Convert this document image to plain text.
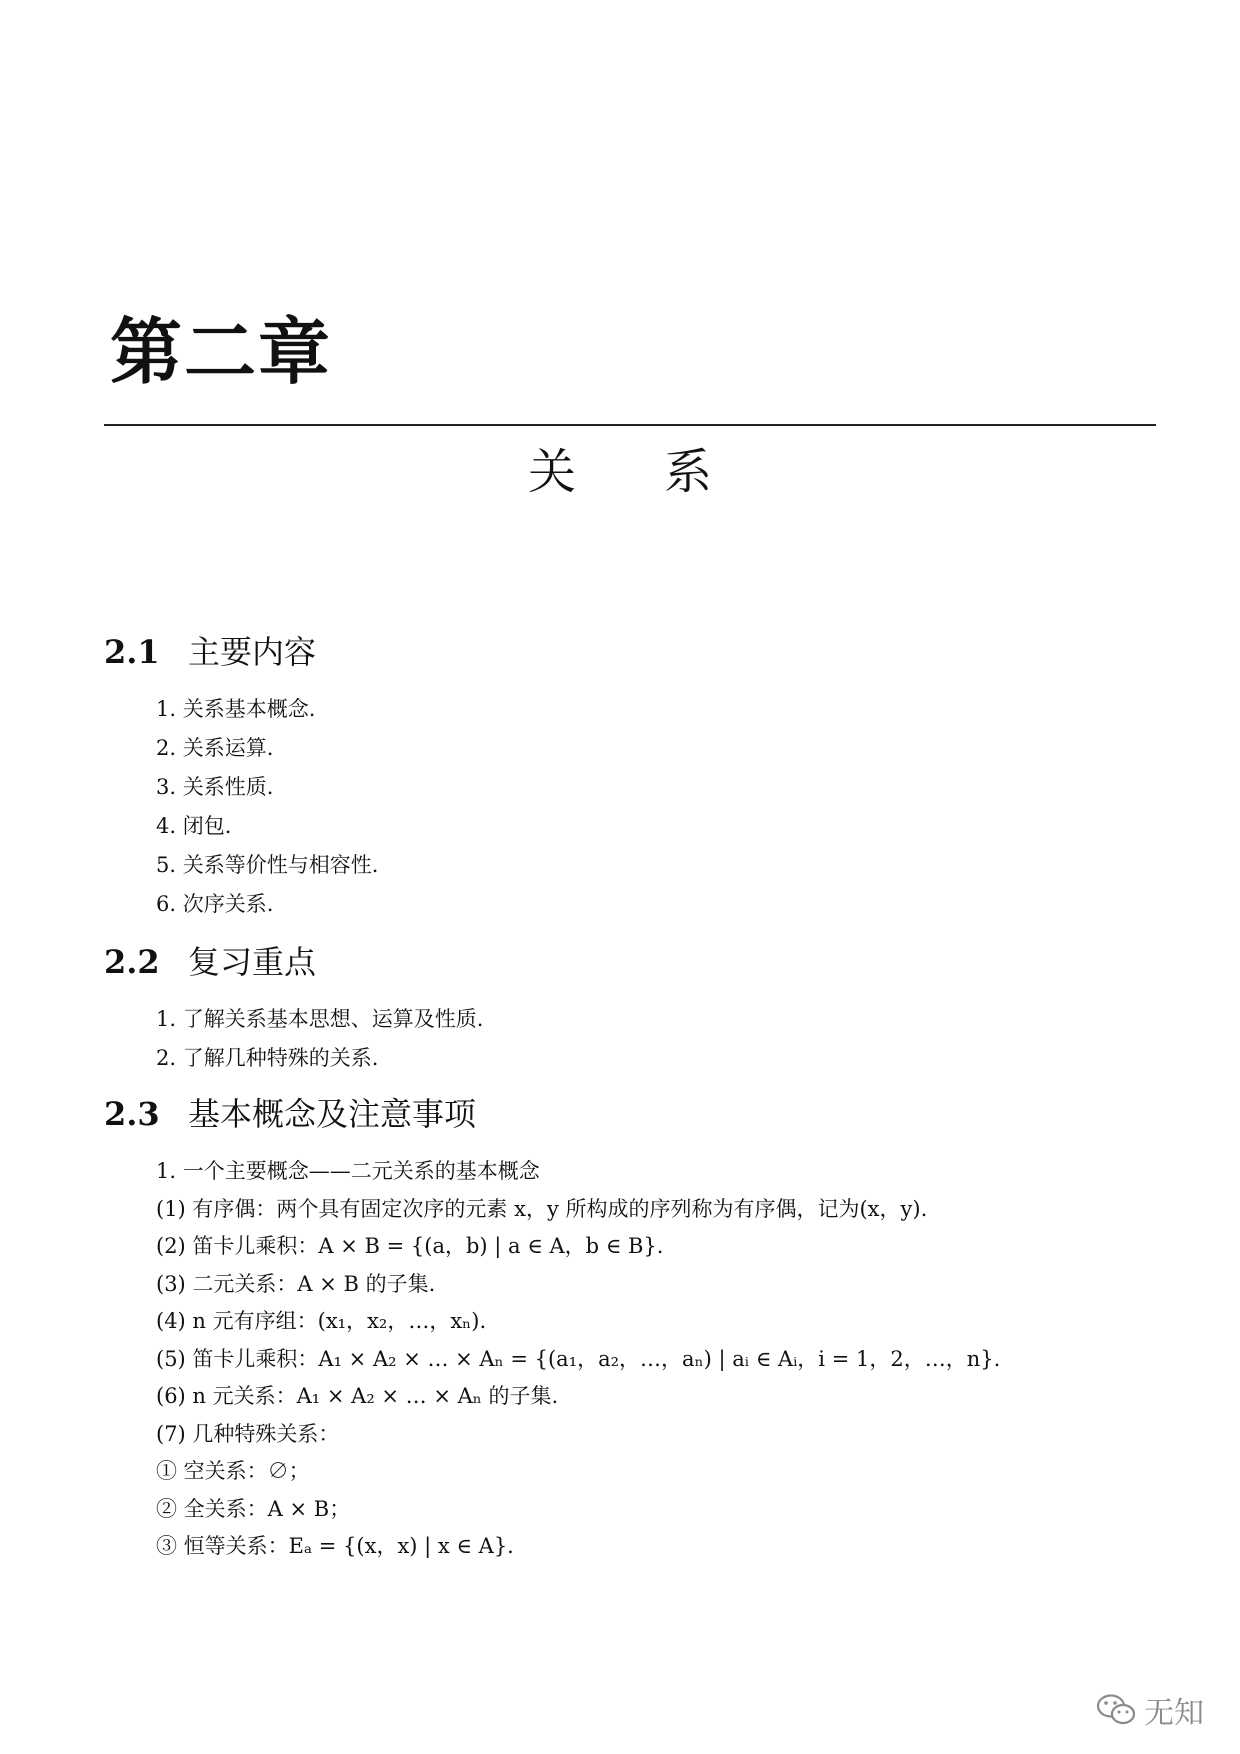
第二章
关 系
2.1 主要内容
1. 关系基本概念.
2. 关系运算.
3. 关系性质.
4. 闭包.
5. 关系等价性与相容性.
6. 次序关系.
2.2 复习重点
1. 了解关系基本思想、运算及性质.
2. 了解几种特殊的关系.
2.3 基本概念及注意事项
1. 一个主要概念——二元关系的基本概念
(1) 有序偶：两个具有固定次序的元素 x，y 所构成的序列称为有序偶，记为(x，y).
(2) 笛卡儿乘积：A × B = {(a，b) | a ∈ A，b ∈ B}.
(3) 二元关系：A × B 的子集.
(4) n 元有序组：(x₁，x₂，…，xₙ).
(5) 笛卡儿乘积：A₁ × A₂ × … × Aₙ = {(a₁，a₂，…，aₙ) | aᵢ ∈ Aᵢ，i = 1，2，…，n}.
(6) n 元关系：A₁ × A₂ × … × Aₙ 的子集.
(7) 几种特殊关系：
① 空关系：∅；
② 全关系：A × B；
③ 恒等关系：Eₐ = {(x，x) | x ∈ A}.
无知
